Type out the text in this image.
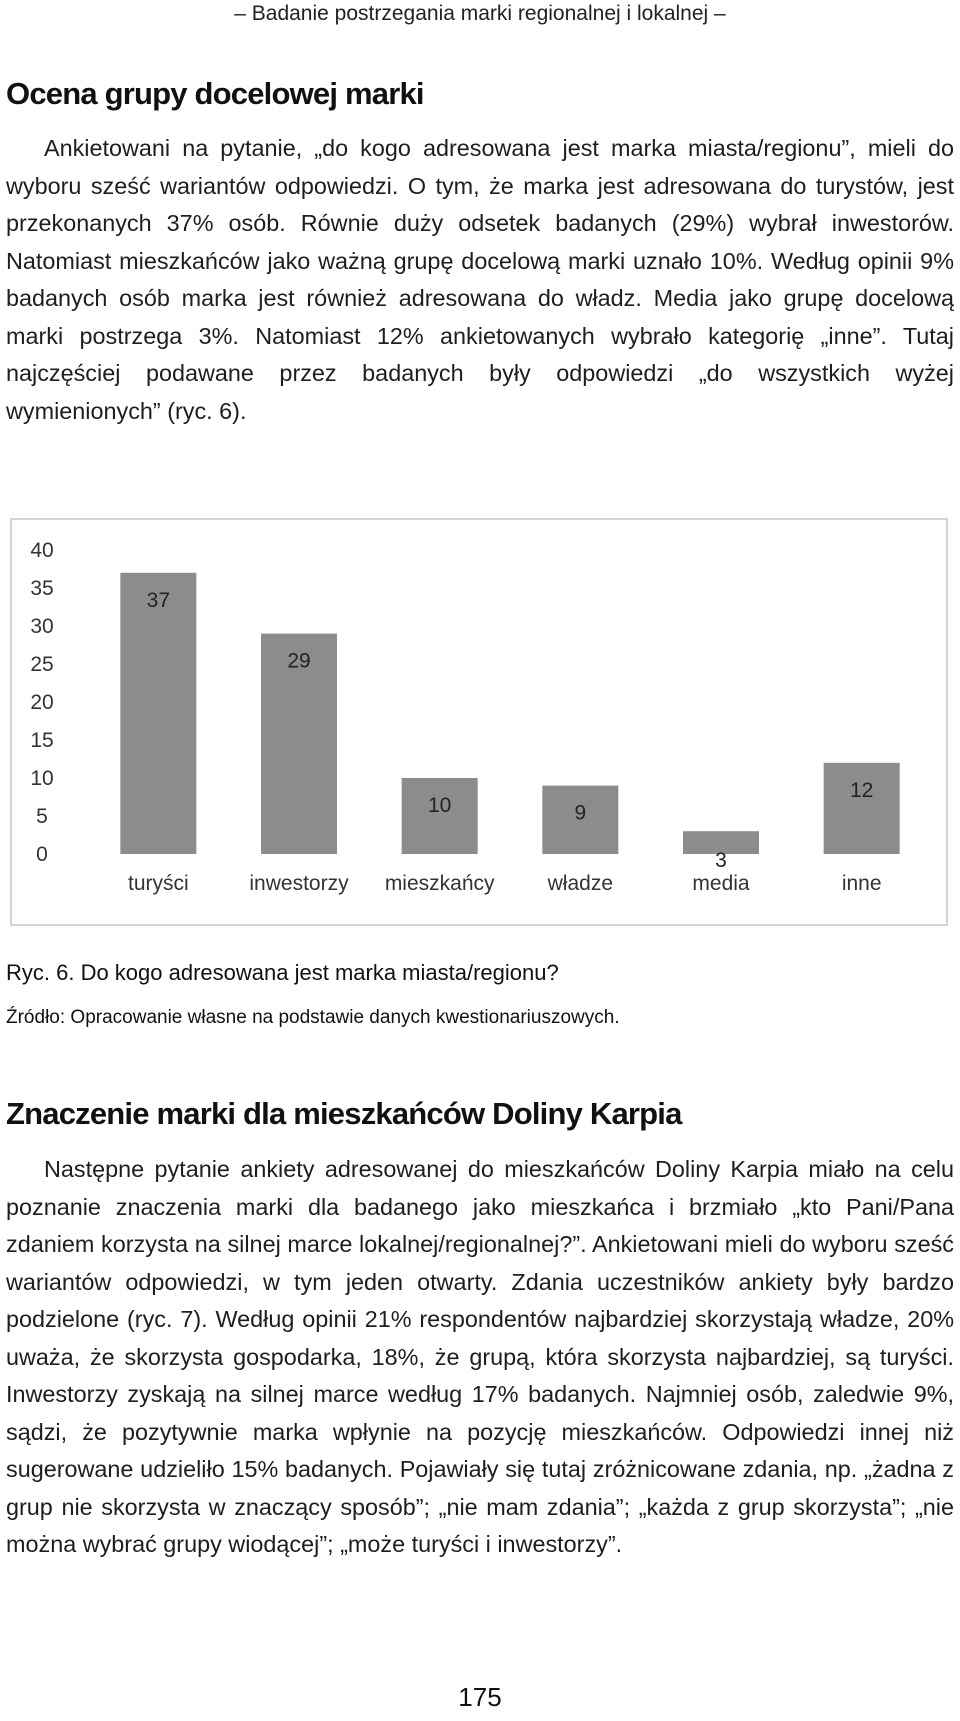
– Badanie postrzegania marki regionalnej i lokalnej –
Ocena grupy docelowej marki

Ankietowani na pytanie, „do kogo adresowana jest marka miasta/regionu”, mieli do wyboru sześć wariantów odpowiedzi. O tym, że marka jest adresowana do turystów, jest przekonanych 37% osób. Równie duży odsetek badanych (29%) wybrał inwestorów. Natomiast mieszkańców jako ważną grupę docelową marki uznało 10%. Według opinii 9% badanych osób marka jest również adresowana do władz. Media jako grupę docelową marki postrzega 3%. Natomiast 12% ankietowanych wybrało kategorię „inne”. Tutaj najczęściej podawane przez badanych były odpowiedzi „do wszystkich wyżej wymienionych” (ryc. 6).

0
5
10
15
20
25
30
35
40
37
turyści
29
inwestorzy
10
mieszkańcy
9
władze
3
media
12
inne

Ryc. 6. Do kogo adresowana jest marka miasta/regionu?

Źródło: Opracowanie własne na podstawie danych kwestionariuszowych.

Znaczenie marki dla mieszkańców Doliny Karpia

Następne pytanie ankiety adresowanej do mieszkańców Doliny Karpia miało na celu poznanie znaczenia marki dla badanego jako mieszkańca i brzmiało „kto Pani/Pana zdaniem korzysta na silnej marce lokalnej/regionalnej?”. Ankietowani mieli do wyboru sześć wariantów odpowiedzi, w tym jeden otwarty. Zdania uczestników ankiety były bardzo podzielone (ryc. 7). Według opinii 21% respondentów najbardziej skorzystają władze, 20% uważa, że skorzysta gospodarka, 18%, że grupą, która skorzysta najbardziej, są turyści. Inwestorzy zyskają na silnej marce według 17% badanych. Najmniej osób, zaledwie 9%, sądzi, że pozytywnie marka wpłynie na pozycję mieszkańców. Odpowiedzi innej niż sugerowane udzieliło 15% badanych. Pojawiały się tutaj zróżnicowane zdania, np. „żadna z grup nie skorzysta w znaczący sposób”; „nie mam zdania”; „każda z grup skorzysta”; „nie można wybrać grupy wiodącej”; „może turyści i inwestorzy”.

175
